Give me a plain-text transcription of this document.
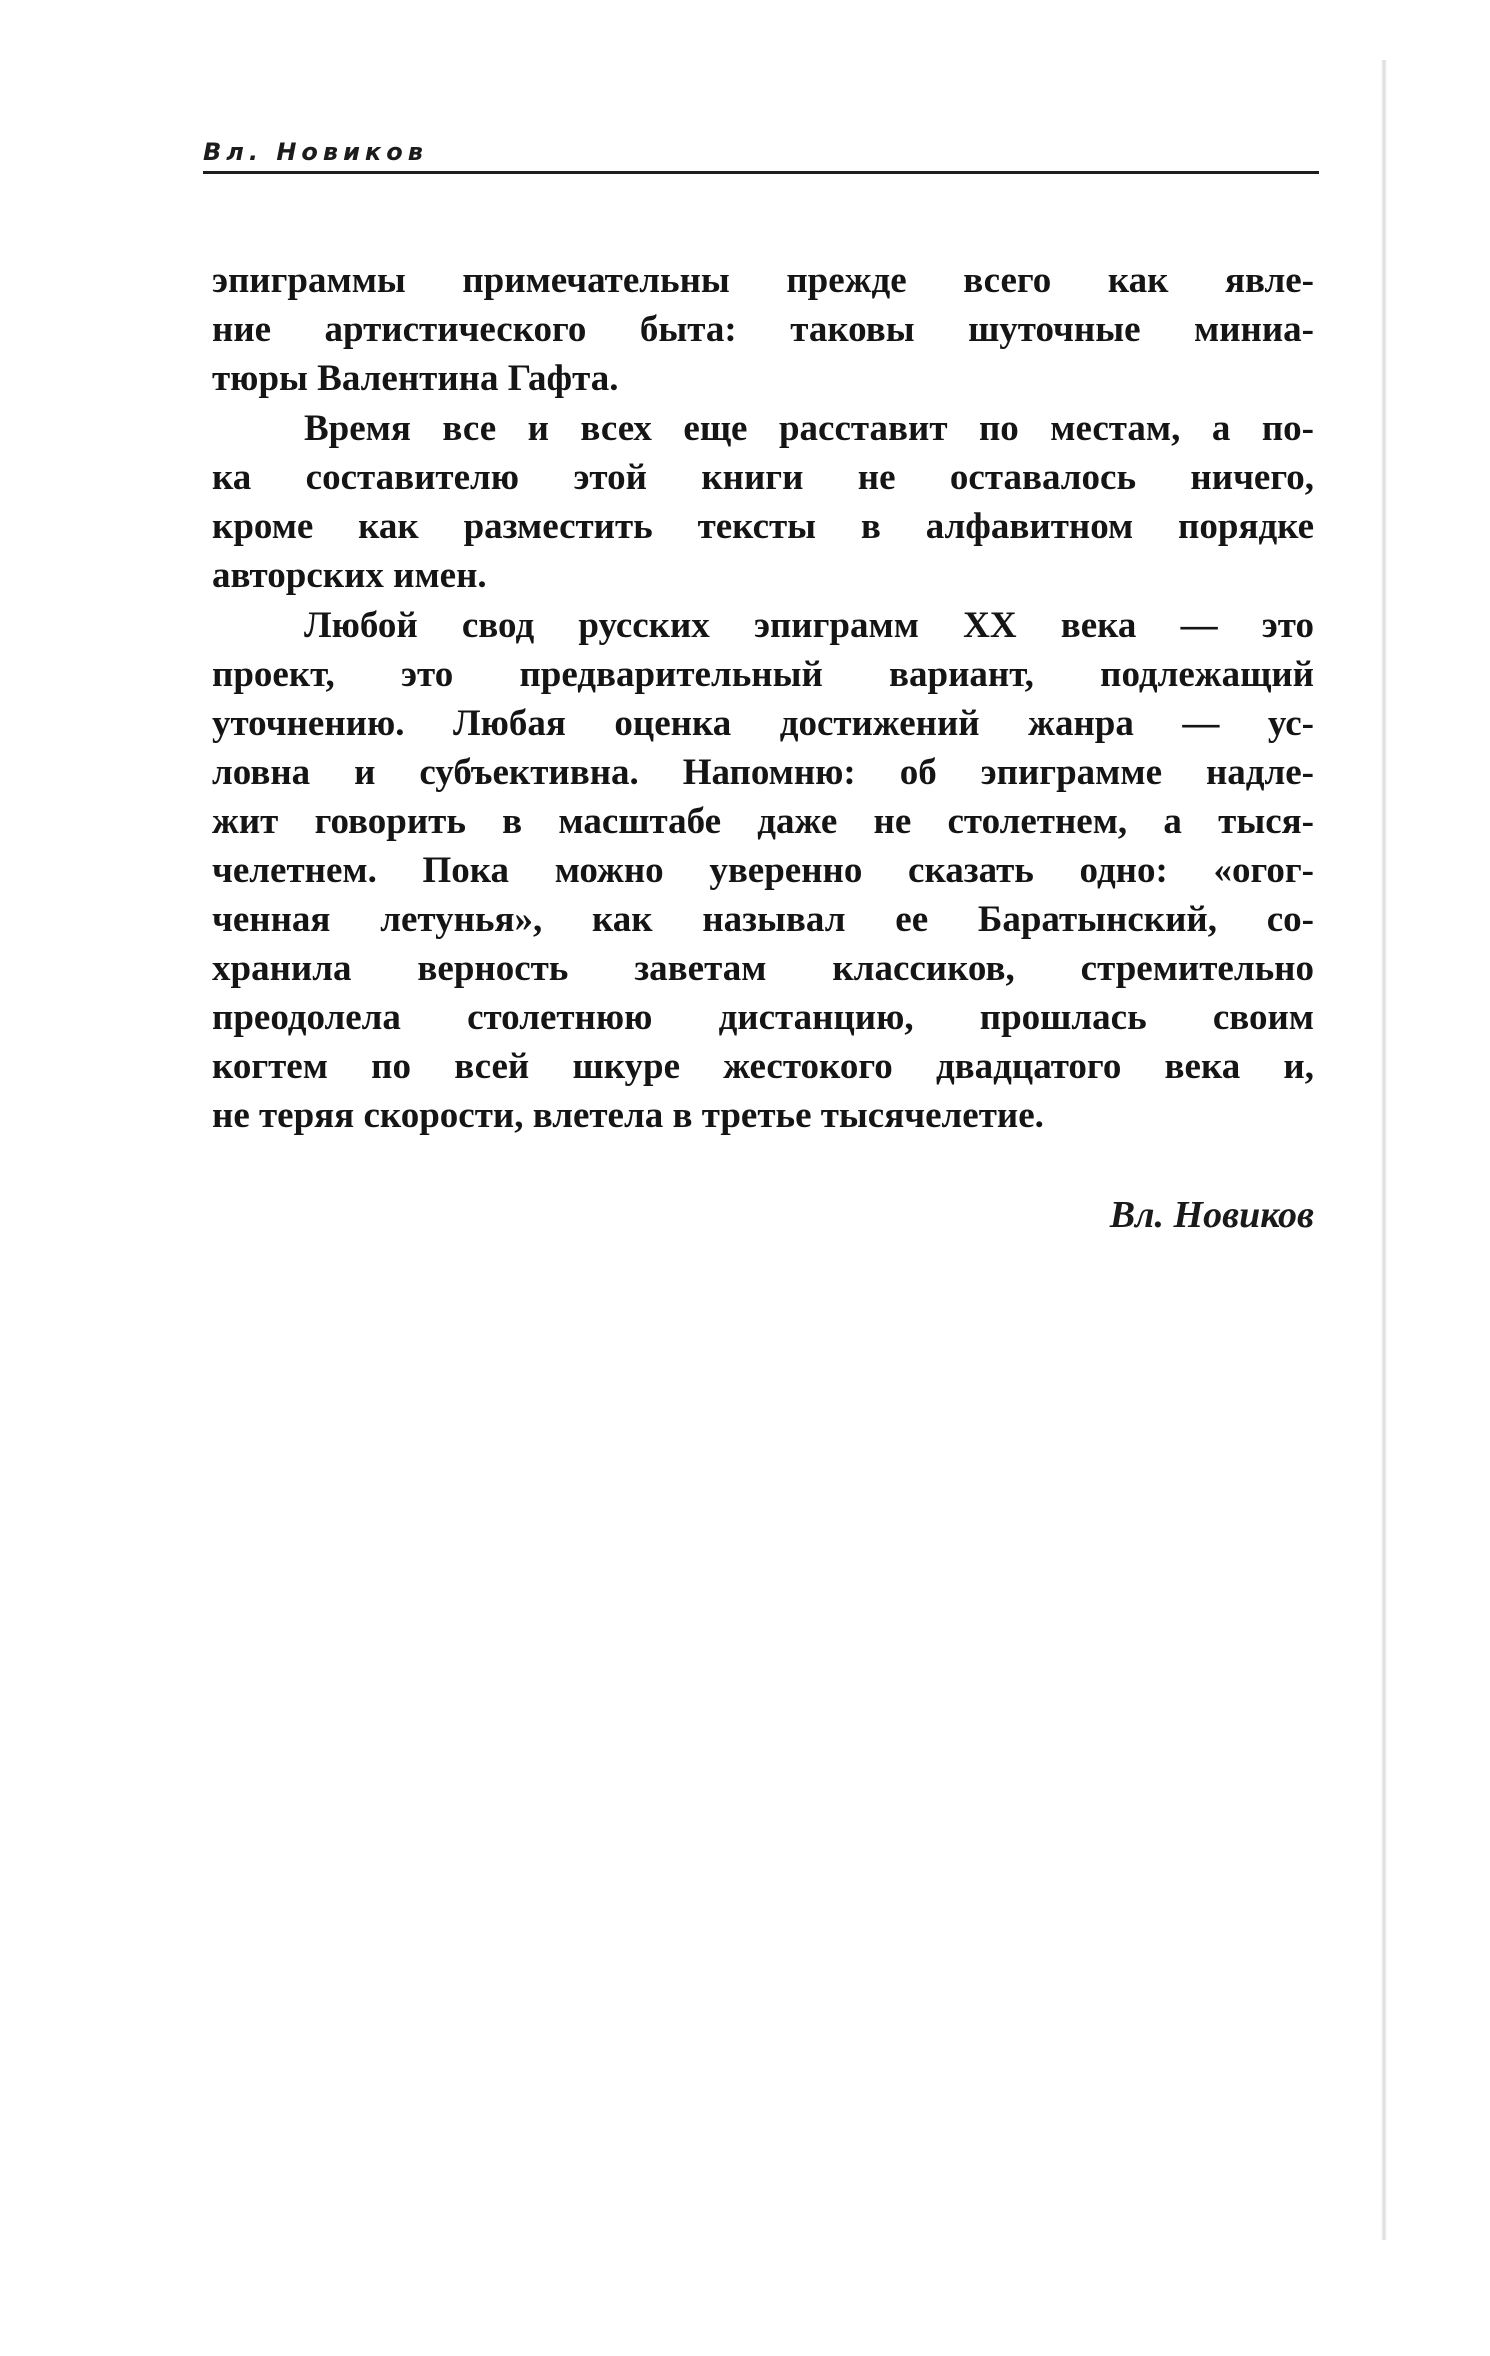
Вл. Новиков
эпиграммы примечательны прежде всего как явле-
ние артистического быта: таковы шуточные миниа-
тюры Валентина Гафта.
Время все и всех еще расставит по местам, а по-
ка составителю этой книги не оставалось ничего,
кроме как разместить тексты в алфавитном порядке
авторских имен.
Любой свод русских эпиграмм XX века — это
проект, это предварительный вариант, подлежащий
уточнению. Любая оценка достижений жанра — ус-
ловна и субъективна. Напомню: об эпиграмме надле-
жит говорить в масштабе даже не столетнем, а тыся-
челетнем. Пока можно уверенно сказать одно: «огог-
ченная летунья», как называл ее Баратынский, со-
хранила верность заветам классиков, стремительно
преодолела столетнюю дистанцию, прошлась своим
когтем по всей шкуре жестокого двадцатого века и,
не теряя скорости, влетела в третье тысячелетие.
Вл. Новиков
